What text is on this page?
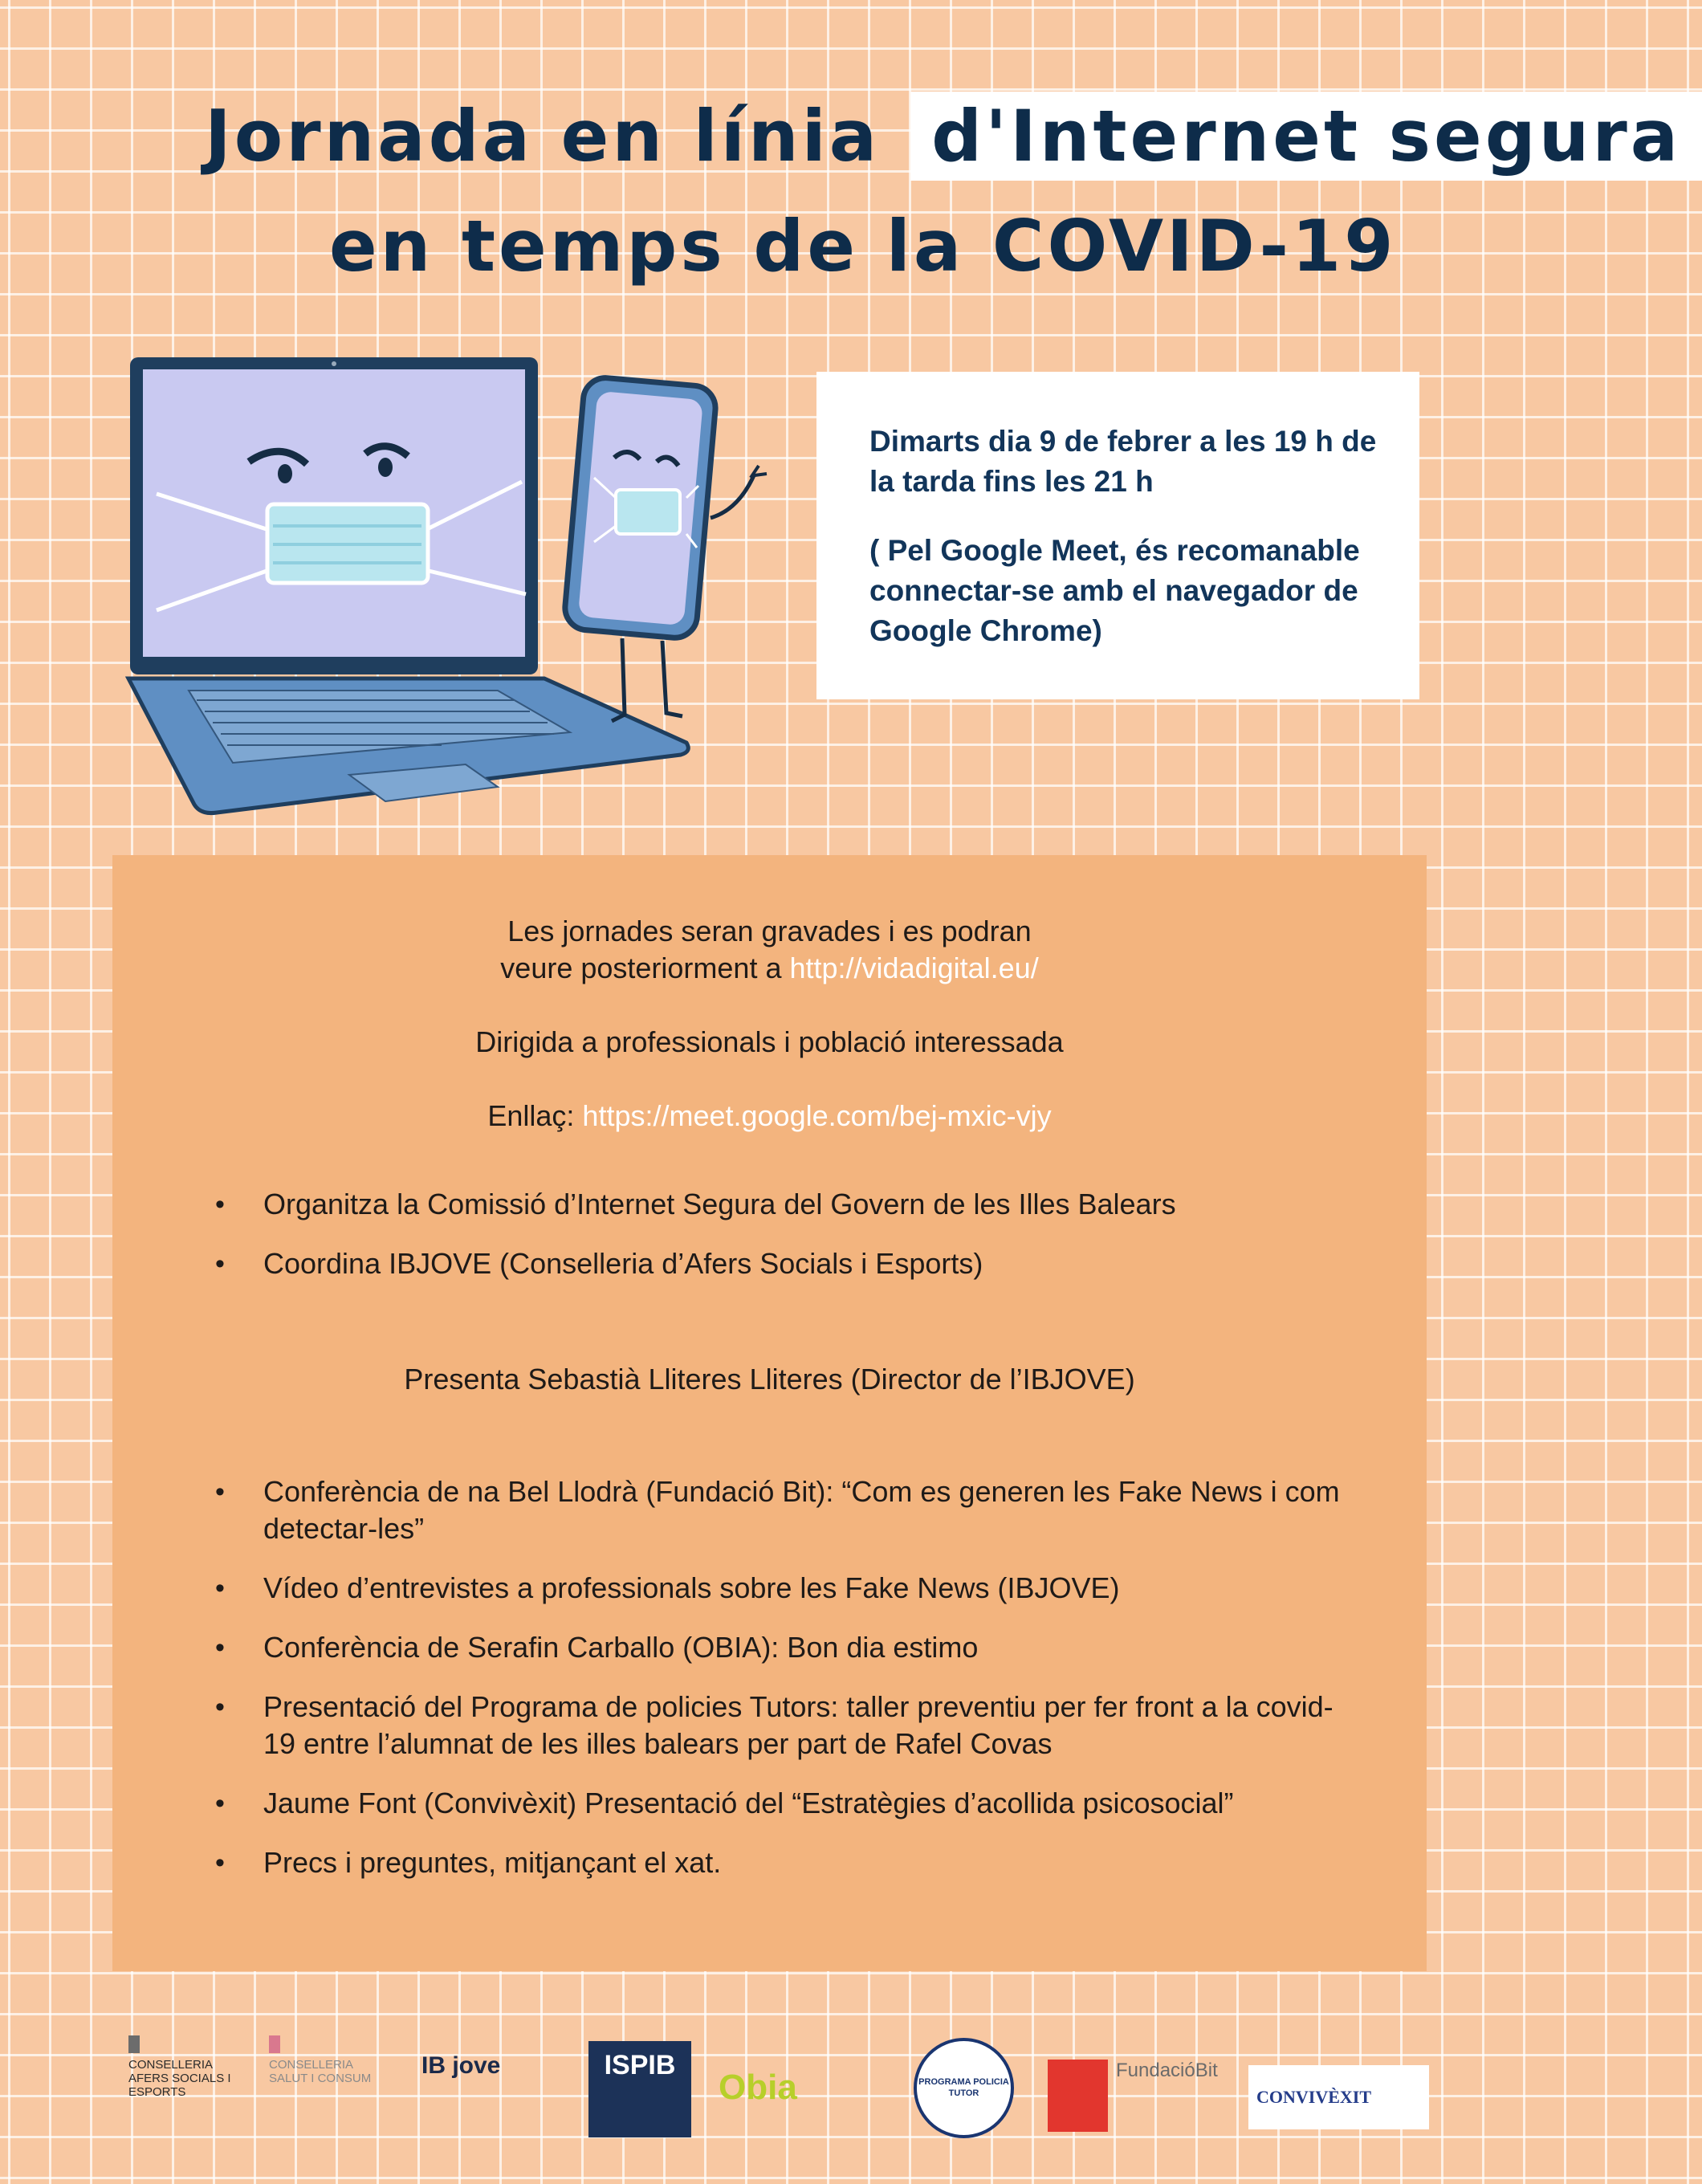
Jornada en línia d'Internet segura
en temps de la COVID-19

Dimarts dia 9 de febrer a les 19 h de la tarda fins les 21 h

( Pel Google Meet, és recomanable connectar-se amb el navegador de Google Chrome)

Les jornades seran gravades i es podran
veure posteriorment a http://vidadigital.eu/
Dirigida a professionals i població interessada
Enllaç: https://meet.google.com/bej-mxic-vjy
• Organitza la Comissió d’Internet Segura del Govern de les Illes Balears
• Coordina IBJOVE (Conselleria d’Afers Socials i Esports)
Presenta Sebastià Lliteres Lliteres (Director de l’IBJOVE)
• Conferència de na Bel Llodrà (Fundació Bit): “Com es generen les Fake News i com detectar-les”
• Vídeo d’entrevistes a professionals sobre les Fake News (IBJOVE)
• Conferència de Serafin Carballo (OBIA): Bon dia estimo
• Presentació del Programa de policies Tutors: taller preventiu per fer front a la covid-19 entre l’alumnat de les illes balears per part de Rafel Covas
• Jaume Font (Convivèxit) Presentació del “Estratègies d’acollida psicosocial”
• Precs i preguntes, mitjançant el xat.
CONSELLERIA AFERS SOCIALS I ESPORTS
CONSELLERIA SALUT I CONSUM	IB jove	ISPIB
Obia	PROGRAMA POLICIA TUTOR
FundacióBit
CONVIVÈXIT
